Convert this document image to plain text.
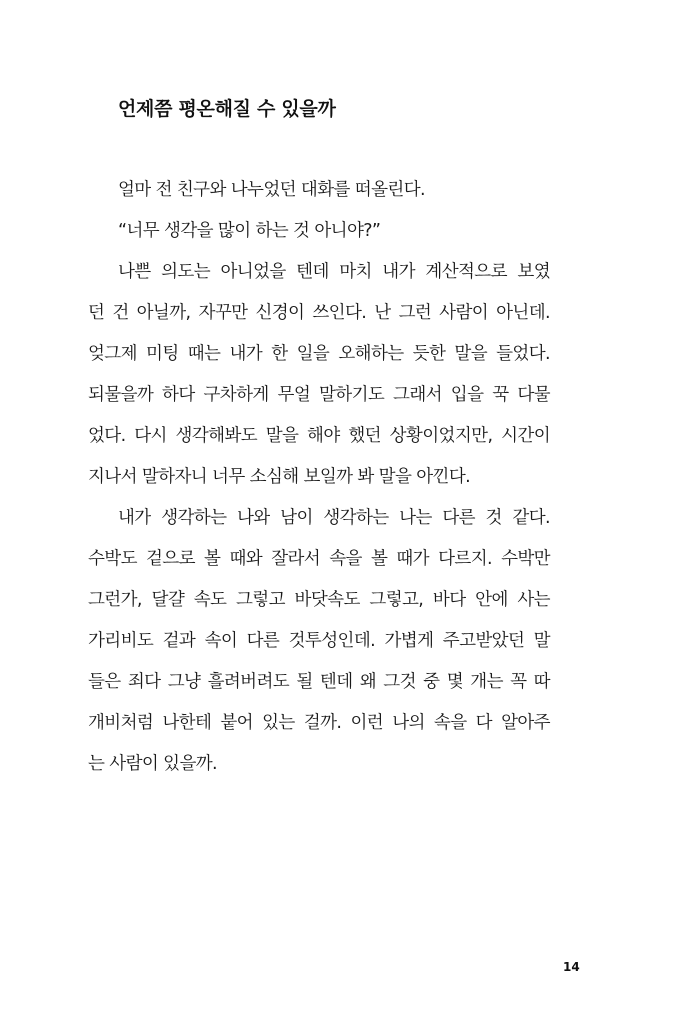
언제쯤 평온해질 수 있을까
얼마 전 친구와 나누었던 대화를 떠올린다.
“너무 생각을 많이 하는 것 아니야?”
나쁜 의도는 아니었을 텐데 마치 내가 계산적으로 보였
던 건 아닐까, 자꾸만 신경이 쓰인다. 난 그런 사람이 아닌데.
엊그제 미팅 때는 내가 한 일을 오해하는 듯한 말을 들었다.
되물을까 하다 구차하게 무얼 말하기도 그래서 입을 꾹 다물
었다. 다시 생각해봐도 말을 해야 했던 상황이었지만, 시간이
지나서 말하자니 너무 소심해 보일까 봐 말을 아낀다.
내가 생각하는 나와 남이 생각하는 나는 다른 것 같다.
수박도 겉으로 볼 때와 잘라서 속을 볼 때가 다르지. 수박만
그런가, 달걀 속도 그렇고 바닷속도 그렇고, 바다 안에 사는
가리비도 겉과 속이 다른 것투성인데. 가볍게 주고받았던 말
들은 죄다 그냥 흘려버려도 될 텐데 왜 그것 중 몇 개는 꼭 따
개비처럼 나한테 붙어 있는 걸까. 이런 나의 속을 다 알아주
는 사람이 있을까.
14
